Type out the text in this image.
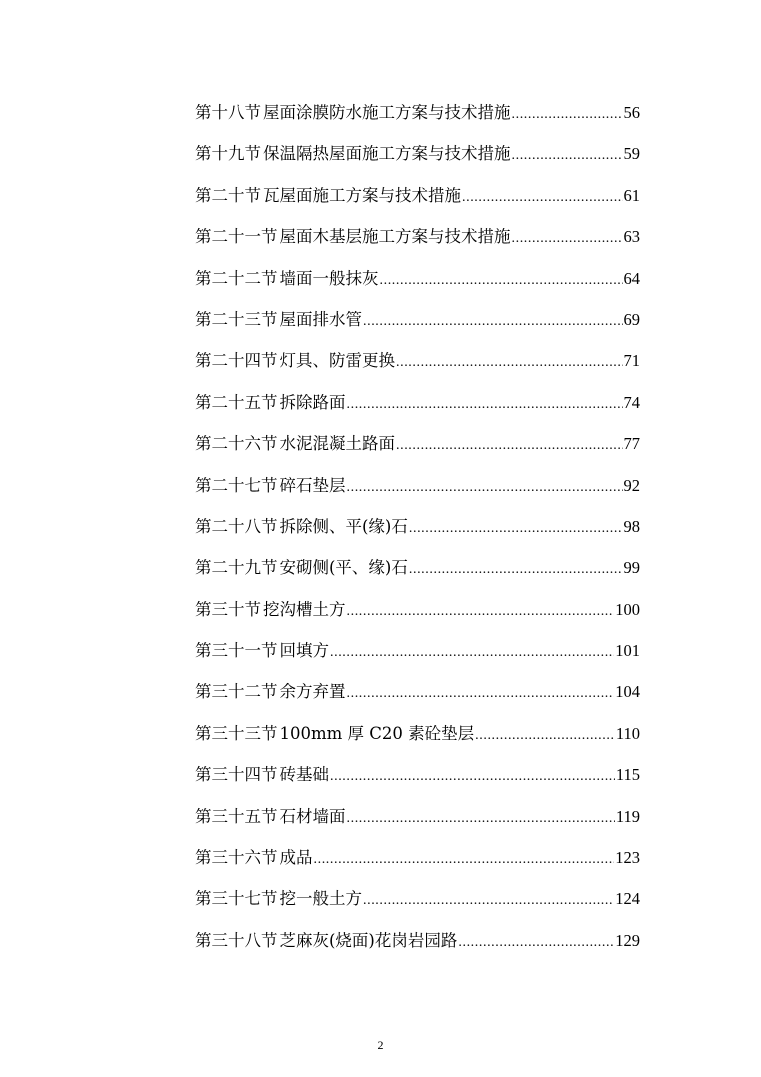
第十八节 屋面涂膜防水施工方案与技术措施 .....	56
第十九节 保温隔热屋面施工方案与技术措施 .....	59
第二十节 瓦屋面施工方案与技术措施 .....	61
第二十一节 屋面木基层施工方案与技术措施 .....	63
第二十二节 墙面一般抹灰 .....	64
第二十三节 屋面排水管 .....	69
第二十四节 灯具、防雷更换 .....	71
第二十五节 拆除路面 .....	74
第二十六节 水泥混凝土路面 .....	77
第二十七节 碎石垫层 .....	92
第二十八节 拆除侧、平(缘)石 .....	98
第二十九节 安砌侧(平、缘)石 .....	99
第三十节 挖沟槽土方 .....	100
第三十一节 回填方 .....	101
第三十二节 余方弃置 .....	104
第三十三节 100mm 厚 C20 素砼垫层 .....	110
第三十四节 砖基础 .....	115
第三十五节 石材墙面 .....	119
第三十六节 成品 .....	123
第三十七节 挖一般土方 .....	124
第三十八节 芝麻灰(烧面)花岗岩园路 .....	129
2
